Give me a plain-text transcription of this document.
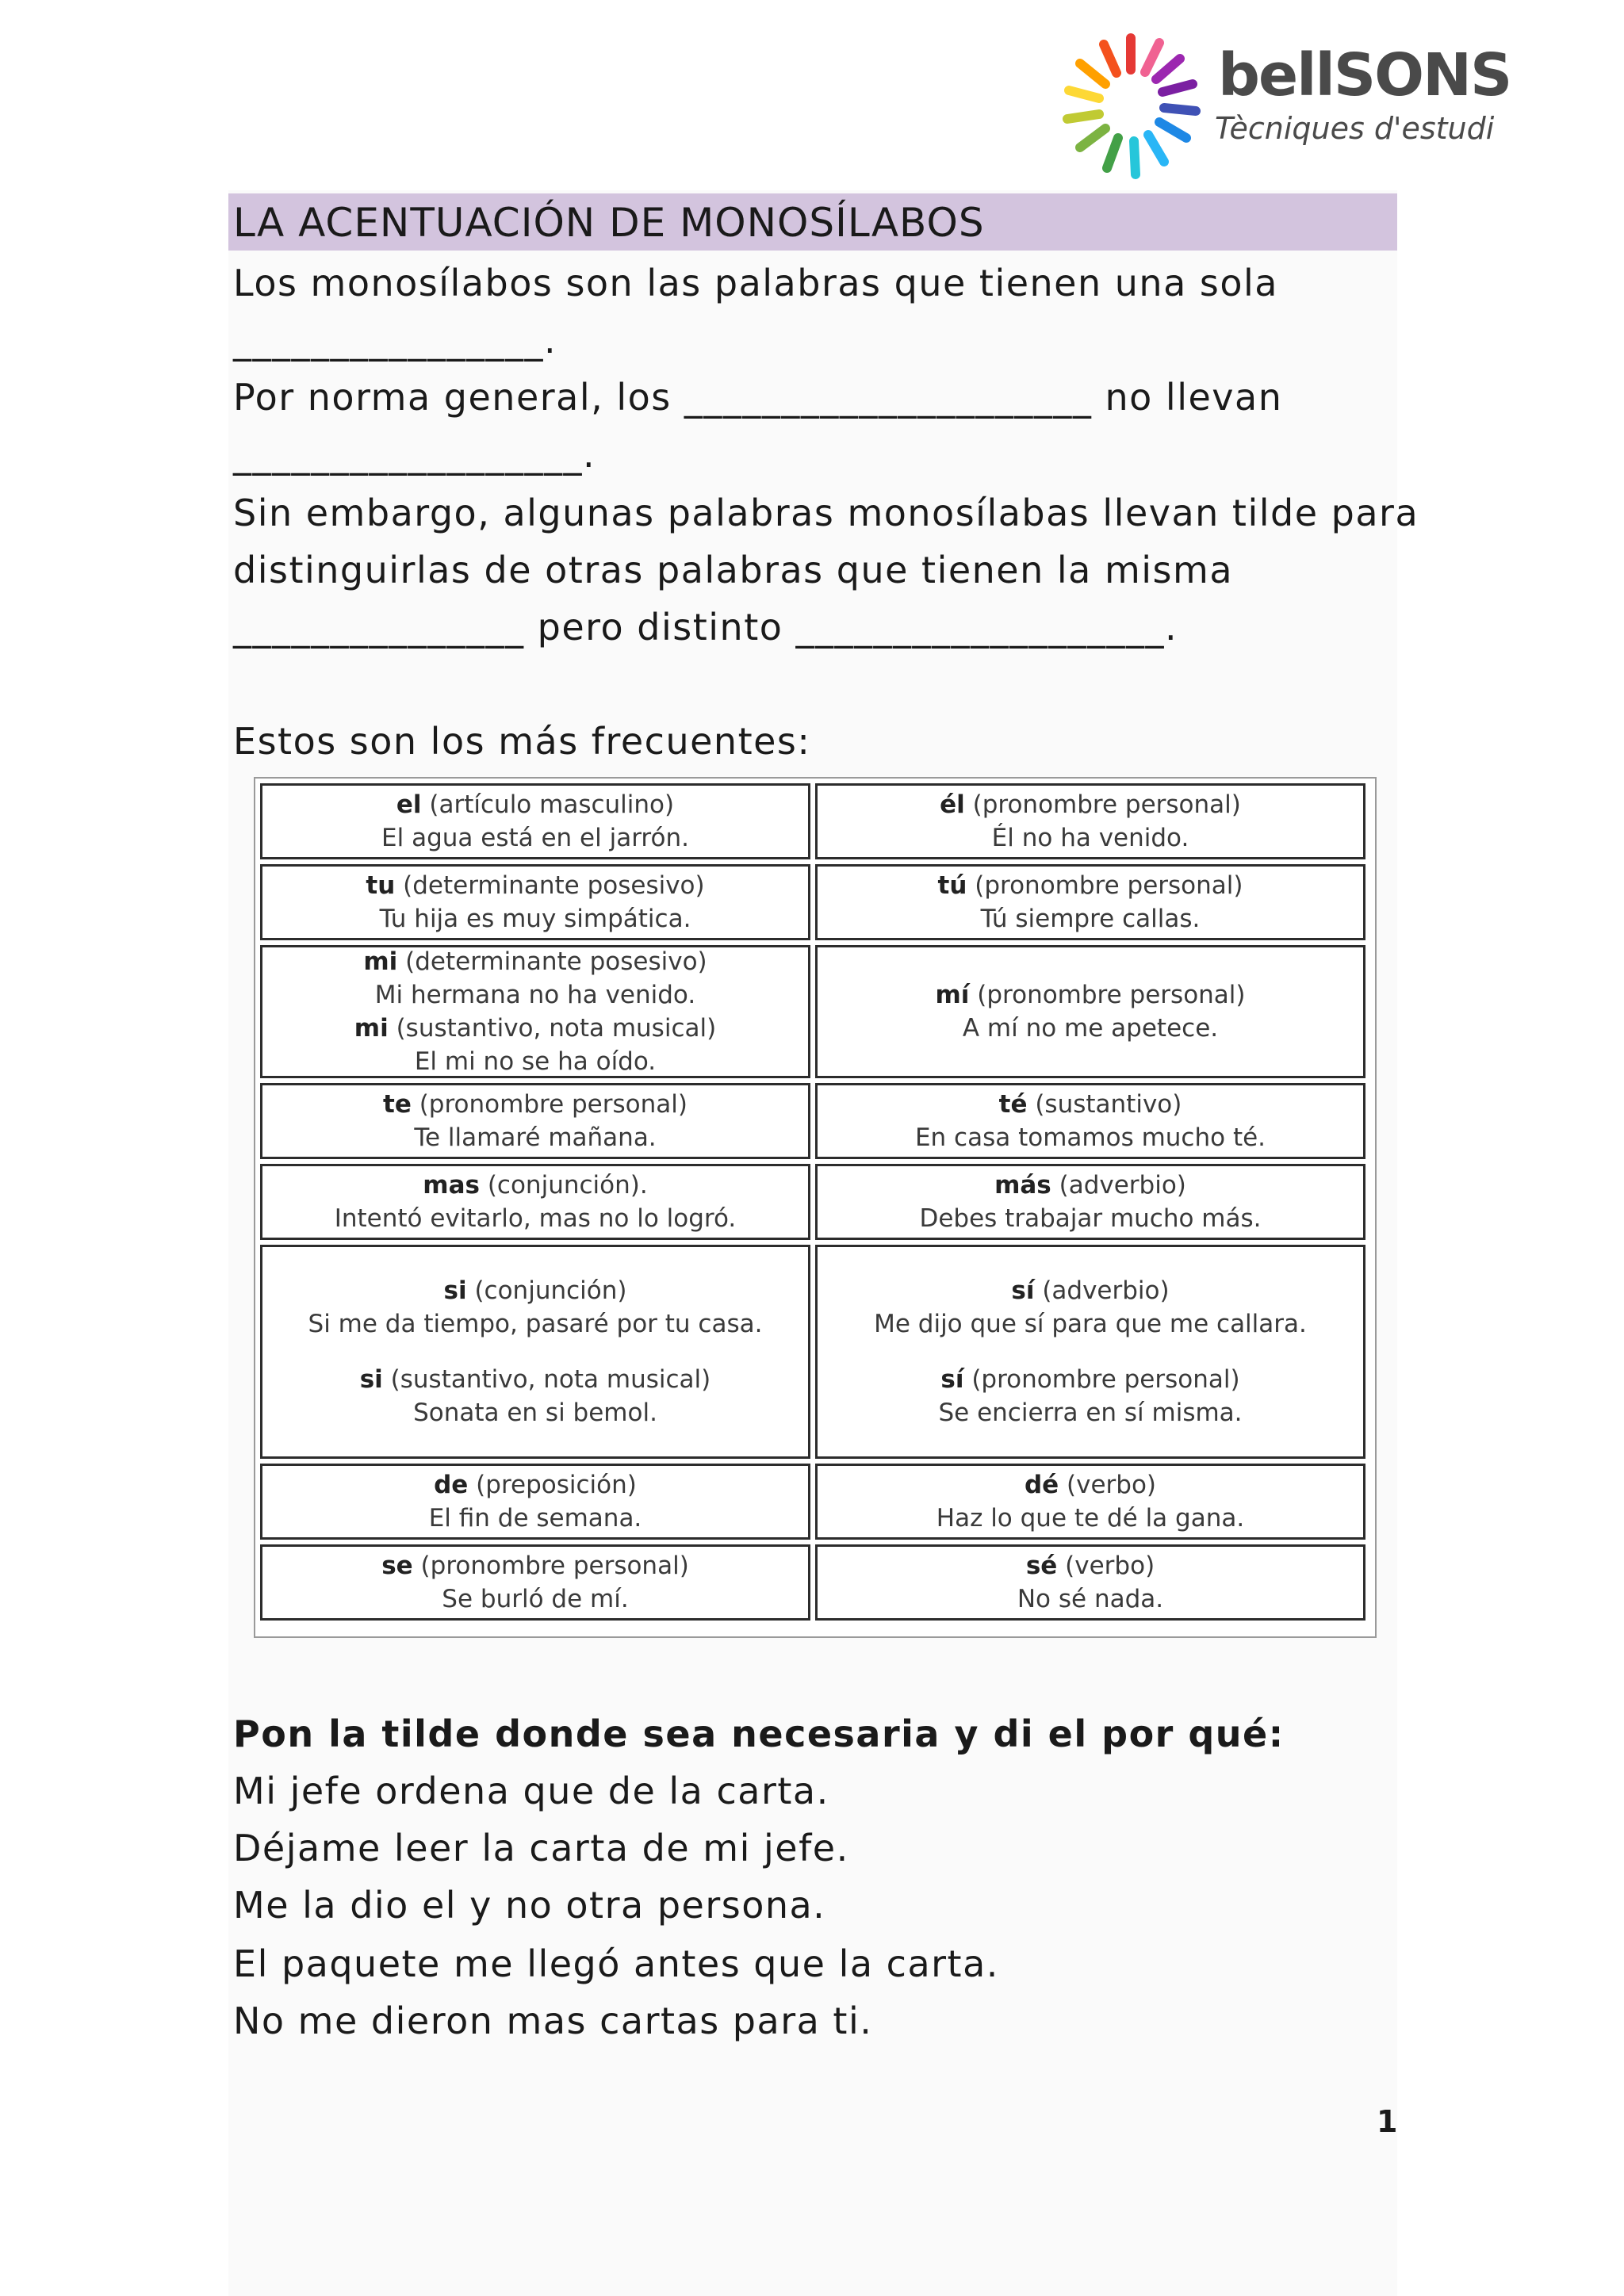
bellSONS
Tècniques d'estudi
LA ACENTUACIÓN DE MONOSÍLABOS
Los monosílabos son las palabras que tienen una sola
________________.
Por norma general, los _____________________ no llevan
__________________.
Sin embargo, algunas palabras monosílabas llevan tilde para
distinguirlas de otras palabras que tienen la misma
_______________ pero distinto ___________________.
Estos son los más frecuentes:
el (artículo masculino)
El agua está en el jarrón.
él (pronombre personal)
Él no ha venido.
tu (determinante posesivo)
Tu hija es muy simpática.
tú (pronombre personal)
Tú siempre callas.
mi (determinante posesivo)
Mi hermana no ha venido.
mi (sustantivo, nota musical)
El mi no se ha oído.
mí (pronombre personal)
A mí no me apetece.
te (pronombre personal)
Te llamaré mañana.
té (sustantivo)
En casa tomamos mucho té.
mas (conjunción).
Intentó evitarlo, mas no lo logró.
más (adverbio)
Debes trabajar mucho más.
si (conjunción)
Si me da tiempo, pasaré por tu casa.
si (sustantivo, nota musical)
Sonata en si bemol.
sí (adverbio)
Me dijo que sí para que me callara.
sí (pronombre personal)
Se encierra en sí misma.
de (preposición)
El fin de semana.
dé (verbo)
Haz lo que te dé la gana.
se (pronombre personal)
Se burló de mí.
sé (verbo)
No sé nada.
Pon la tilde donde sea necesaria y di el por qué:
Mi jefe ordena que de la carta.
Déjame leer la carta de mi jefe.
Me la dio el y no otra persona.
El paquete me llegó antes que la carta.
No me dieron mas cartas para ti.
1
